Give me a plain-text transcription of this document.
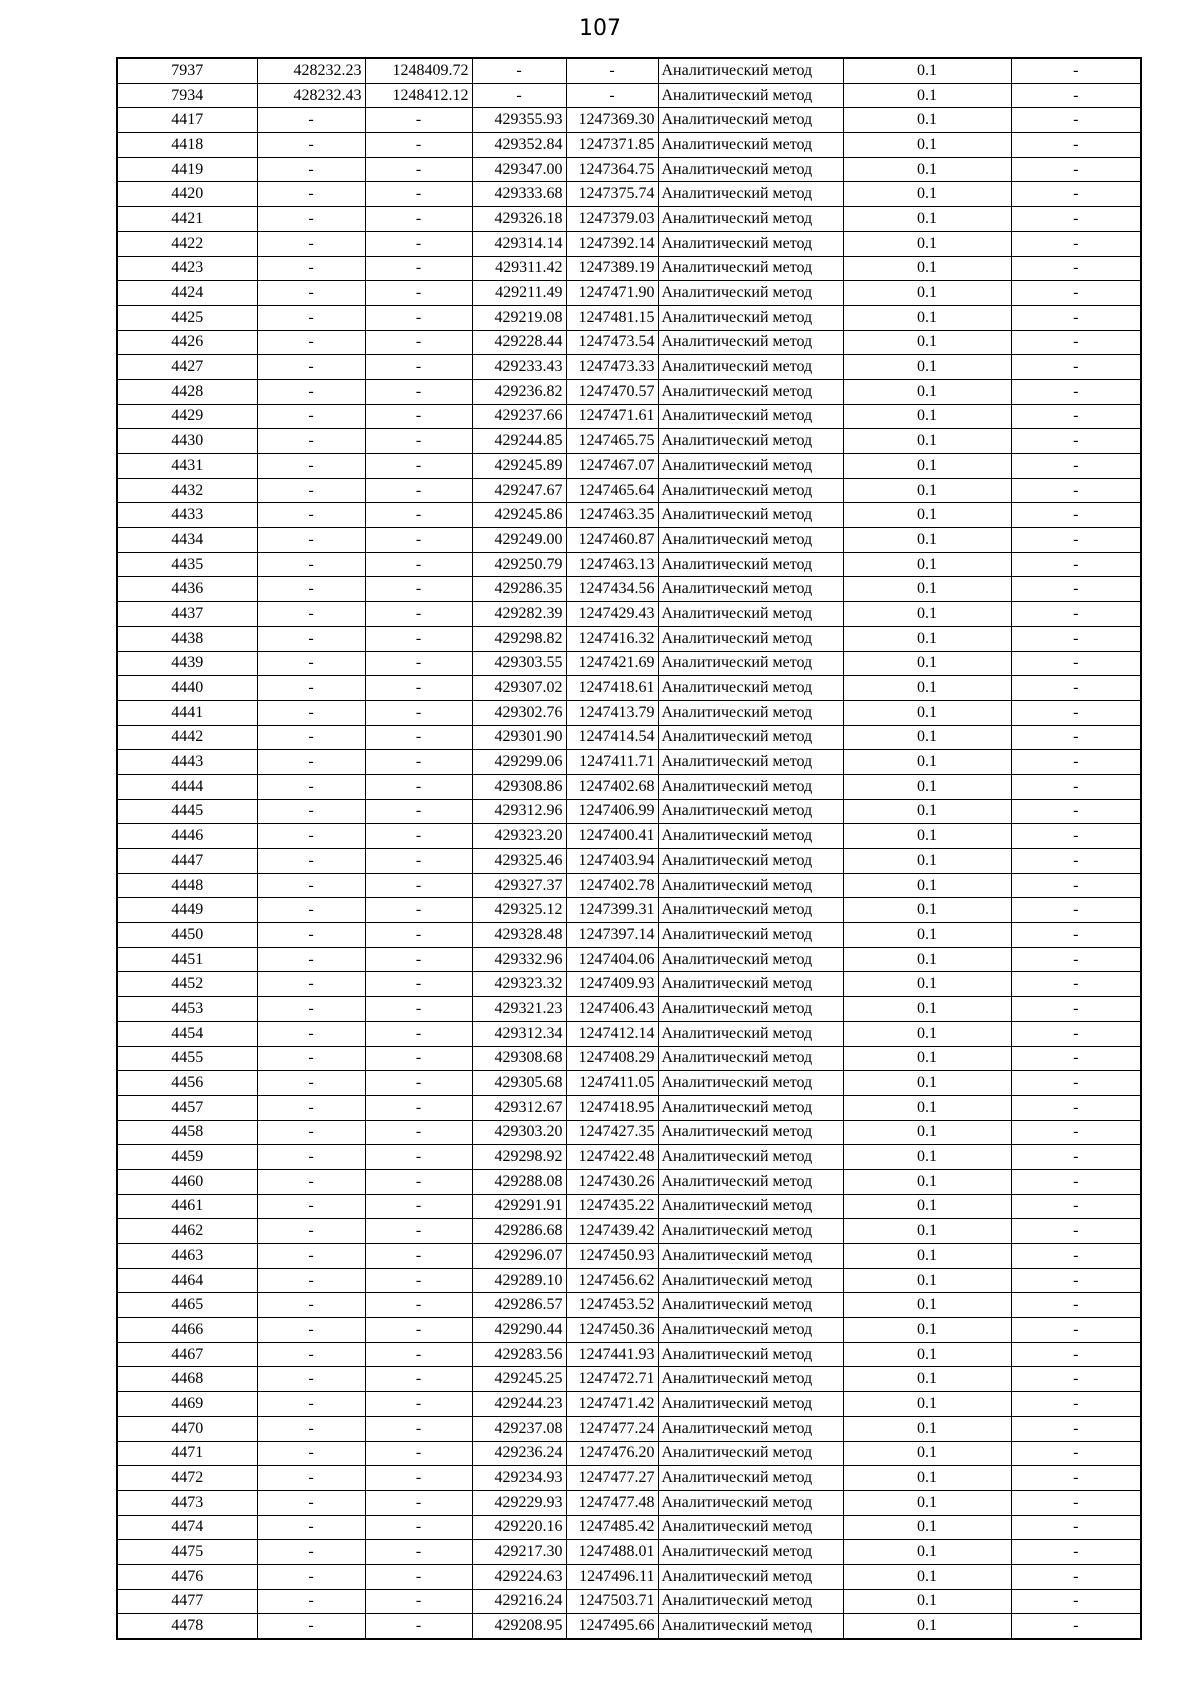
107
7937	428232.23	1248409.72	-	-	Аналитический метод	0.1	-
7934	428232.43	1248412.12	-	-	Аналитический метод	0.1	-
4417	-	-	429355.93	1247369.30	Аналитический метод	0.1	-
4418	-	-	429352.84	1247371.85	Аналитический метод	0.1	-
4419	-	-	429347.00	1247364.75	Аналитический метод	0.1	-
4420	-	-	429333.68	1247375.74	Аналитический метод	0.1	-
4421	-	-	429326.18	1247379.03	Аналитический метод	0.1	-
4422	-	-	429314.14	1247392.14	Аналитический метод	0.1	-
4423	-	-	429311.42	1247389.19	Аналитический метод	0.1	-
4424	-	-	429211.49	1247471.90	Аналитический метод	0.1	-
4425	-	-	429219.08	1247481.15	Аналитический метод	0.1	-
4426	-	-	429228.44	1247473.54	Аналитический метод	0.1	-
4427	-	-	429233.43	1247473.33	Аналитический метод	0.1	-
4428	-	-	429236.82	1247470.57	Аналитический метод	0.1	-
4429	-	-	429237.66	1247471.61	Аналитический метод	0.1	-
4430	-	-	429244.85	1247465.75	Аналитический метод	0.1	-
4431	-	-	429245.89	1247467.07	Аналитический метод	0.1	-
4432	-	-	429247.67	1247465.64	Аналитический метод	0.1	-
4433	-	-	429245.86	1247463.35	Аналитический метод	0.1	-
4434	-	-	429249.00	1247460.87	Аналитический метод	0.1	-
4435	-	-	429250.79	1247463.13	Аналитический метод	0.1	-
4436	-	-	429286.35	1247434.56	Аналитический метод	0.1	-
4437	-	-	429282.39	1247429.43	Аналитический метод	0.1	-
4438	-	-	429298.82	1247416.32	Аналитический метод	0.1	-
4439	-	-	429303.55	1247421.69	Аналитический метод	0.1	-
4440	-	-	429307.02	1247418.61	Аналитический метод	0.1	-
4441	-	-	429302.76	1247413.79	Аналитический метод	0.1	-
4442	-	-	429301.90	1247414.54	Аналитический метод	0.1	-
4443	-	-	429299.06	1247411.71	Аналитический метод	0.1	-
4444	-	-	429308.86	1247402.68	Аналитический метод	0.1	-
4445	-	-	429312.96	1247406.99	Аналитический метод	0.1	-
4446	-	-	429323.20	1247400.41	Аналитический метод	0.1	-
4447	-	-	429325.46	1247403.94	Аналитический метод	0.1	-
4448	-	-	429327.37	1247402.78	Аналитический метод	0.1	-
4449	-	-	429325.12	1247399.31	Аналитический метод	0.1	-
4450	-	-	429328.48	1247397.14	Аналитический метод	0.1	-
4451	-	-	429332.96	1247404.06	Аналитический метод	0.1	-
4452	-	-	429323.32	1247409.93	Аналитический метод	0.1	-
4453	-	-	429321.23	1247406.43	Аналитический метод	0.1	-
4454	-	-	429312.34	1247412.14	Аналитический метод	0.1	-
4455	-	-	429308.68	1247408.29	Аналитический метод	0.1	-
4456	-	-	429305.68	1247411.05	Аналитический метод	0.1	-
4457	-	-	429312.67	1247418.95	Аналитический метод	0.1	-
4458	-	-	429303.20	1247427.35	Аналитический метод	0.1	-
4459	-	-	429298.92	1247422.48	Аналитический метод	0.1	-
4460	-	-	429288.08	1247430.26	Аналитический метод	0.1	-
4461	-	-	429291.91	1247435.22	Аналитический метод	0.1	-
4462	-	-	429286.68	1247439.42	Аналитический метод	0.1	-
4463	-	-	429296.07	1247450.93	Аналитический метод	0.1	-
4464	-	-	429289.10	1247456.62	Аналитический метод	0.1	-
4465	-	-	429286.57	1247453.52	Аналитический метод	0.1	-
4466	-	-	429290.44	1247450.36	Аналитический метод	0.1	-
4467	-	-	429283.56	1247441.93	Аналитический метод	0.1	-
4468	-	-	429245.25	1247472.71	Аналитический метод	0.1	-
4469	-	-	429244.23	1247471.42	Аналитический метод	0.1	-
4470	-	-	429237.08	1247477.24	Аналитический метод	0.1	-
4471	-	-	429236.24	1247476.20	Аналитический метод	0.1	-
4472	-	-	429234.93	1247477.27	Аналитический метод	0.1	-
4473	-	-	429229.93	1247477.48	Аналитический метод	0.1	-
4474	-	-	429220.16	1247485.42	Аналитический метод	0.1	-
4475	-	-	429217.30	1247488.01	Аналитический метод	0.1	-
4476	-	-	429224.63	1247496.11	Аналитический метод	0.1	-
4477	-	-	429216.24	1247503.71	Аналитический метод	0.1	-
4478	-	-	429208.95	1247495.66	Аналитический метод	0.1	-
